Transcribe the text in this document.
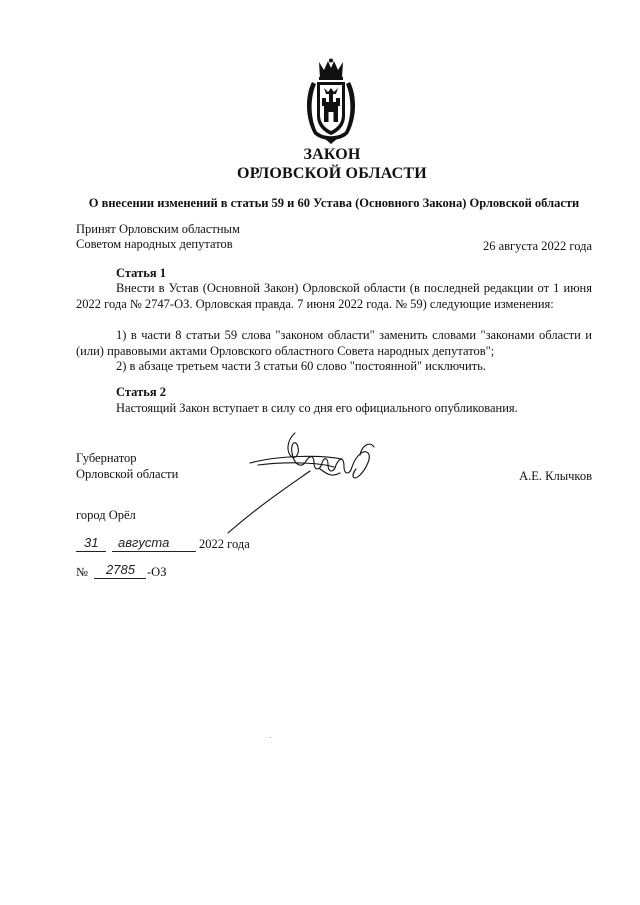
ЗАКОН
ОРЛОВСКОЙ ОБЛАСТИ
О внесении изменений в статьи 59 и 60 Устава (Основного Закона) Орловской области
Принят Орловским областным
Советом народных депутатов	26 августа 2022 года
Статья 1
Внести в Устав (Основной Закон) Орловской области (в последней редакции от 1 июня 2022 года № 2747-ОЗ. Орловская правда. 7 июня 2022 года. № 59) следующие изменения:
1) в части 8 статьи 59 слова "законом области" заменить словами "законами области и (или) правовыми актами Орловского областного Совета народных депутатов";
2) в абзаце третьем части 3 статьи 60 слово "постоянной" исключить.
Статья 2
Настоящий Закон вступает в силу со дня его официального опубликования.
Губернатор
Орловской области	А.Е. Клычков
город Орёл
31 августа 2022 года
№ 2785 -ОЗ
